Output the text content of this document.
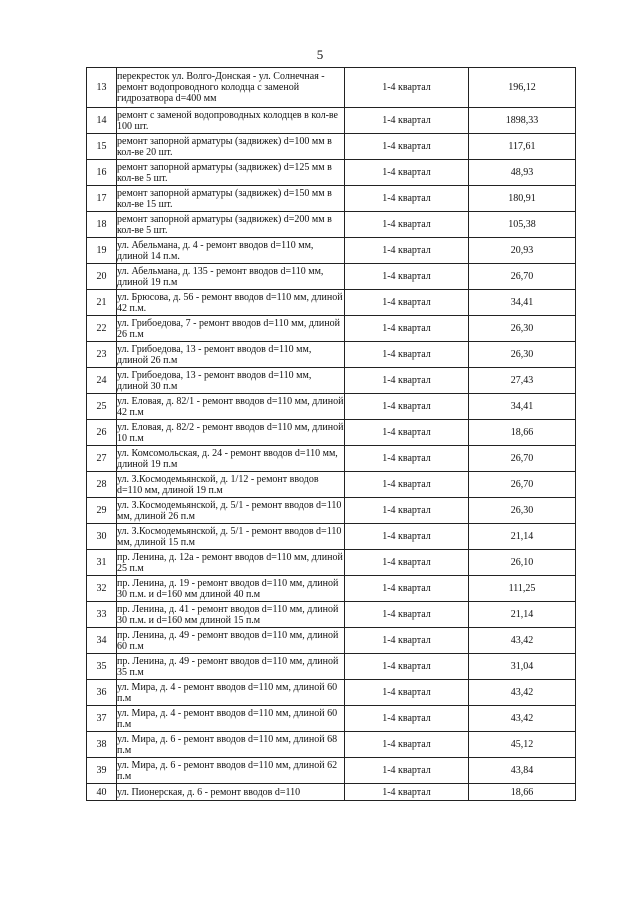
5
13	перекресток ул. Волго-Донская - ул. Солнечная - ремонт водопроводного колодца с заменой гидрозатвора d=400 мм	1-4 квартал	196,12
14	ремонт с заменой водопроводных колодцев в кол-ве 100 шт.	1-4 квартал	1898,33
15	ремонт запорной арматуры (задвижек) d=100 мм в кол-ве 20 шт.	1-4 квартал	117,61
16	ремонт запорной арматуры (задвижек) d=125 мм в кол-ве 5 шт.	1-4 квартал	48,93
17	ремонт запорной арматуры (задвижек) d=150 мм в кол-ве 15 шт.	1-4 квартал	180,91
18	ремонт запорной арматуры (задвижек) d=200 мм в кол-ве 5 шт.	1-4 квартал	105,38
19	ул. Абельмана, д. 4 - ремонт вводов d=110 мм, длиной 14 п.м.	1-4 квартал	20,93
20	ул. Абельмана, д. 135 - ремонт вводов d=110 мм, длиной 19 п.м	1-4 квартал	26,70
21	ул. Брюсова, д. 56 - ремонт вводов d=110 мм, длиной 42 п.м.	1-4 квартал	34,41
22	ул. Грибоедова, 7 - ремонт вводов d=110 мм, длиной 26 п.м	1-4 квартал	26,30
23	ул. Грибоедова, 13 - ремонт вводов d=110 мм, длиной 26 п.м	1-4 квартал	26,30
24	ул. Грибоедова, 13 - ремонт вводов d=110 мм, длиной 30 п.м	1-4 квартал	27,43
25	ул. Еловая, д. 82/1 - ремонт вводов d=110 мм, длиной 42 п.м	1-4 квартал	34,41
26	ул. Еловая, д. 82/2 - ремонт вводов d=110 мм, длиной 10 п.м	1-4 квартал	18,66
27	ул. Комсомольская, д. 24 - ремонт вводов d=110 мм, длиной 19 п.м	1-4 квартал	26,70
28	ул. З.Космодемьянской, д. 1/12 - ремонт вводов d=110 мм, длиной 19 п.м	1-4 квартал	26,70
29	ул. З.Космодемьянской, д. 5/1 - ремонт вводов d=110 мм, длиной 26 п.м	1-4 квартал	26,30
30	ул. З.Космодемьянской, д. 5/1 - ремонт вводов d=110 мм, длиной 15 п.м	1-4 квартал	21,14
31	пр. Ленина, д. 12а - ремонт вводов d=110 мм, длиной 25 п.м	1-4 квартал	26,10
32	пр. Ленина, д. 19 - ремонт вводов d=110 мм, длиной 30 п.м. и d=160 мм длиной 40 п.м	1-4 квартал	111,25
33	пр. Ленина, д. 41 - ремонт вводов d=110 мм, длиной 30 п.м. и d=160 мм длиной 15 п.м	1-4 квартал	21,14
34	пр. Ленина, д. 49 - ремонт вводов d=110 мм, длиной 60 п.м	1-4 квартал	43,42
35	пр. Ленина, д. 49 - ремонт вводов d=110 мм, длиной 35 п.м	1-4 квартал	31,04
36	ул. Мира, д. 4 - ремонт вводов d=110 мм, длиной 60 п.м	1-4 квартал	43,42
37	ул. Мира, д. 4 - ремонт вводов d=110 мм, длиной 60 п.м	1-4 квартал	43,42
38	ул. Мира, д. 6 - ремонт вводов d=110 мм, длиной 68 п.м	1-4 квартал	45,12
39	ул. Мира, д. 6 - ремонт вводов d=110 мм, длиной 62 п.м	1-4 квартал	43,84
40	ул. Пионерская, д. 6 - ремонт вводов d=110	1-4 квартал	18,66
